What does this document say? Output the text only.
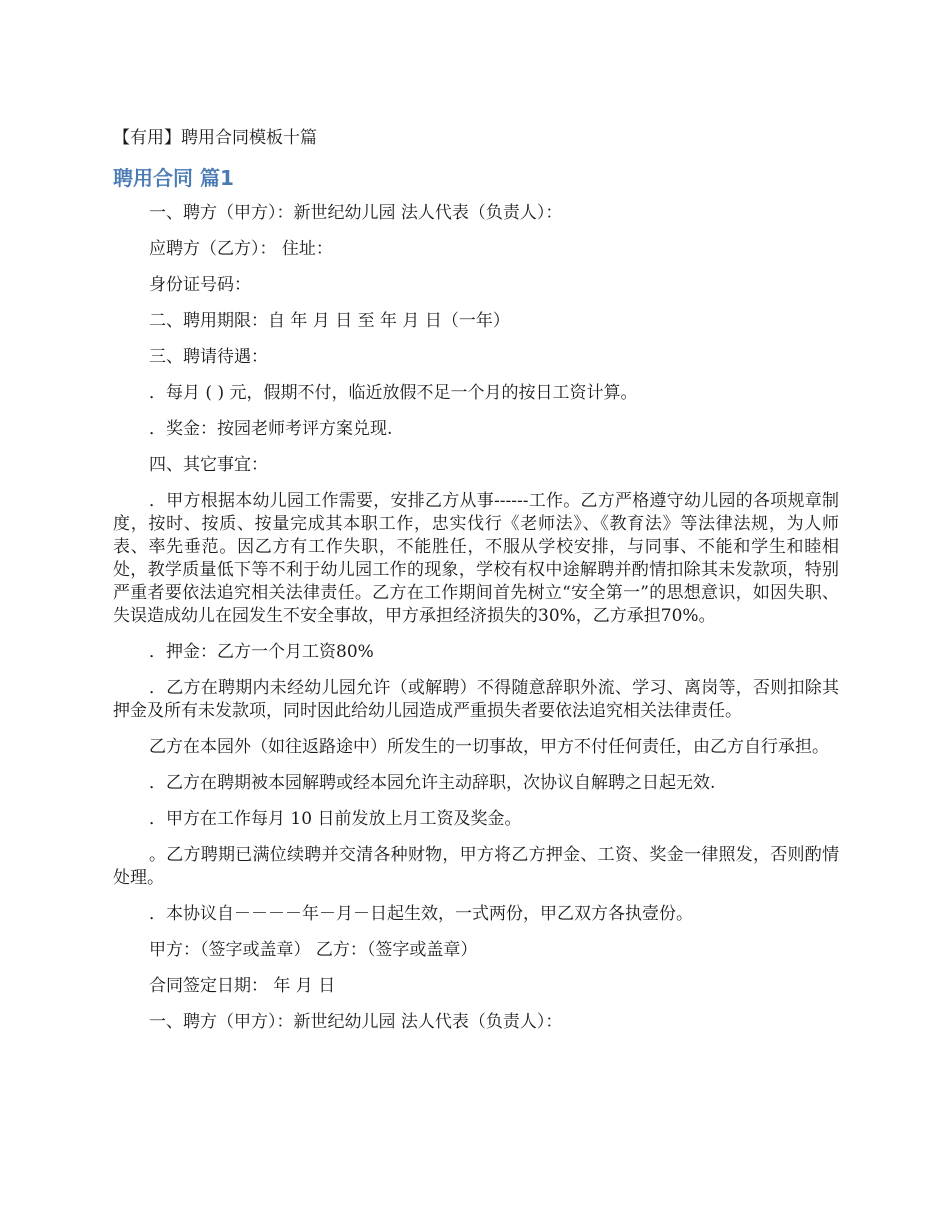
【有用】聘用合同模板十篇
聘用合同 篇1

一、聘方（甲方）：新世纪幼儿园 法人代表（负责人）：

应聘方（乙方）： 住址：

身份证号码：

二、聘用期限：自 年 月 日 至 年 月 日（一年）

三、聘请待遇：

．每月 ( ) 元，假期不付，临近放假不足一个月的按日工资计算。

．奖金：按园老师考评方案兑现.

四、其它事宜：

．甲方根据本幼儿园工作需要，安排乙方从事------工作。乙方严格遵守幼儿园的各项规章制度，按时、按质、按量完成其本职工作，忠实伐行《老师法》、《教育法》等法律法规，为人师表、率先垂范。因乙方有工作失职，不能胜任，不服从学校安排，与同事、不能和学生和睦相处，教学质量低下等不利于幼儿园工作的现象，学校有权中途解聘并酌情扣除其未发款项，特别严重者要依法追究相关法律责任。乙方在工作期间首先树立“安全第一”的思想意识，如因失职、失误造成幼儿在园发生不安全事故，甲方承担经济损失的30%，乙方承担70%。

．押金：乙方一个月工资80%

．乙方在聘期内未经幼儿园允许（或解聘）不得随意辞职外流、学习、离岗等，否则扣除其押金及所有未发款项，同时因此给幼儿园造成严重损失者要依法追究相关法律责任。

乙方在本园外（如往返路途中）所发生的一切事故，甲方不付任何责任，由乙方自行承担。

．乙方在聘期被本园解聘或经本园允许主动辞职，次协议自解聘之日起无效.

．甲方在工作每月 10 日前发放上月工资及奖金。

。乙方聘期已满位续聘并交清各种财物，甲方将乙方押金、工资、奖金一律照发，否则酌情处理。

．本协议自－－－－年－月－日起生效，一式两份，甲乙双方各执壹份。

甲方：（签字或盖章） 乙方：（签字或盖章）

合同签定日期： 年 月 日

一、聘方（甲方）：新世纪幼儿园 法人代表（负责人）：
